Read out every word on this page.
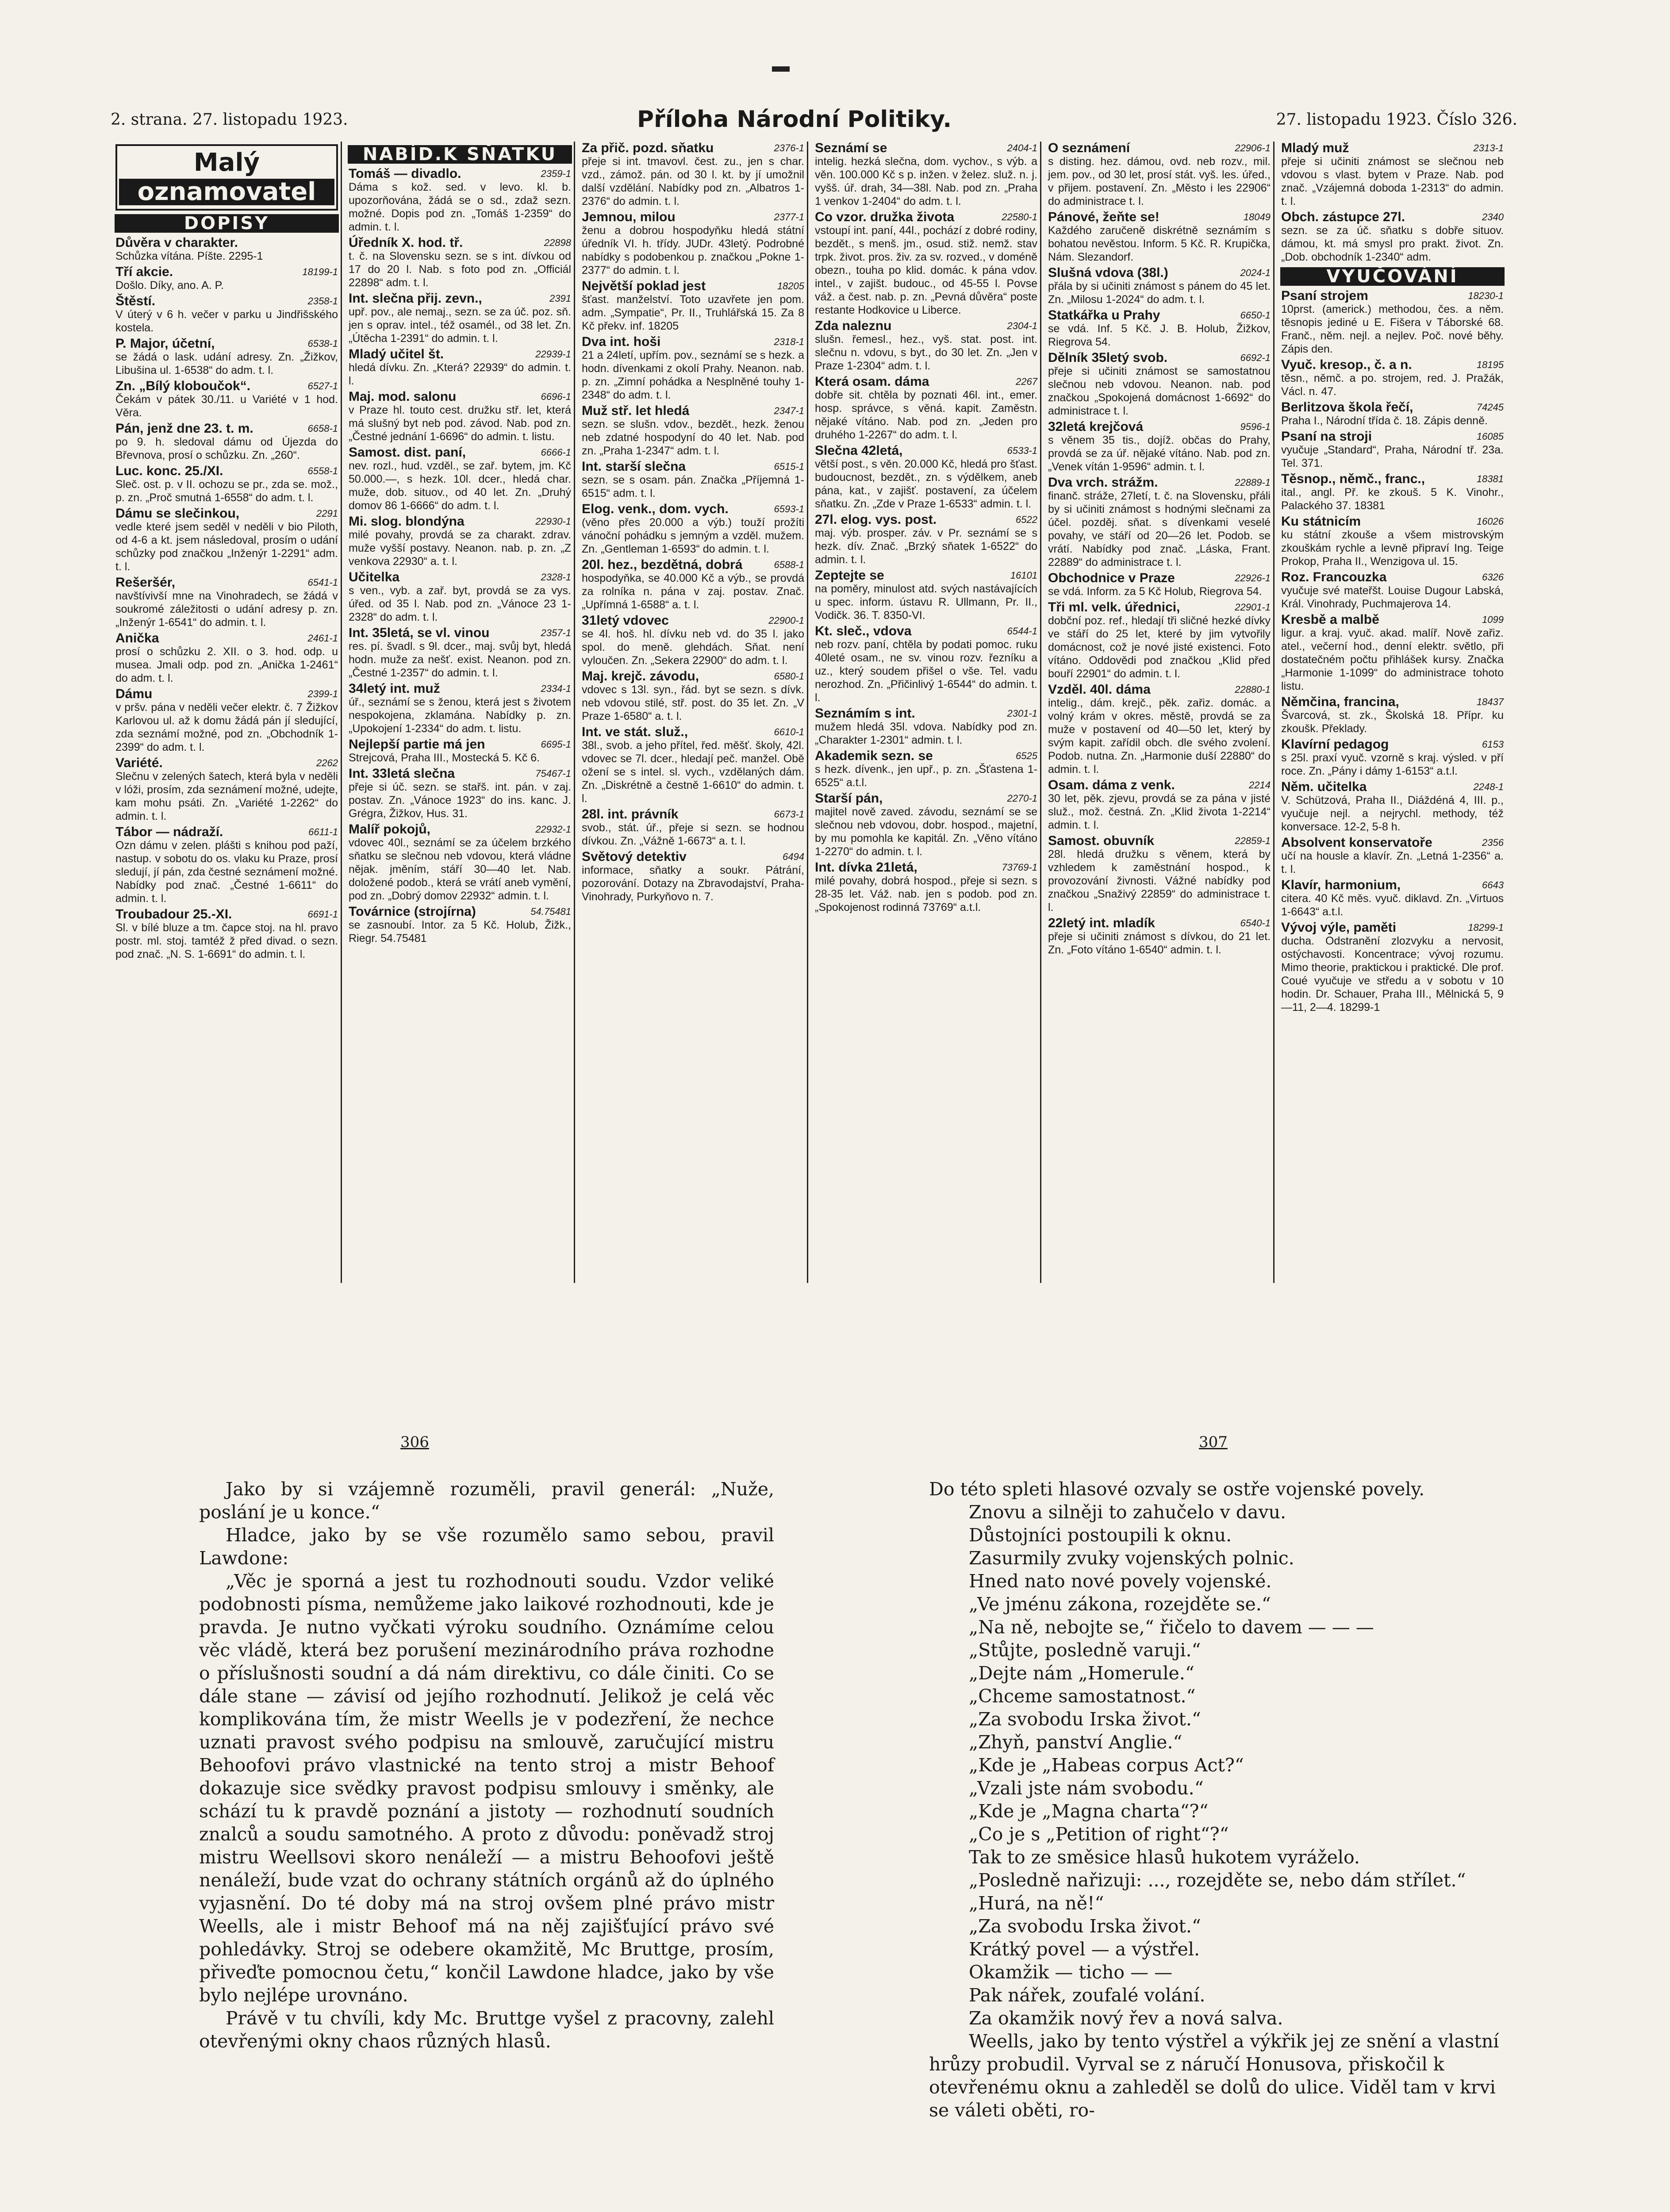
2. strana. 27. listopadu 1923.	Příloha Národní Politiky.	27. listopadu 1923. Číslo 326.
Malý
oznamovatel
DOPISY
Důvěra v charakter.
Schůzka vítána. Píšte. 2295-1
18199-1
Tří akcie.
Došlo. Díky, ano. A. P.
2358-1
Štěstí.
V úterý v 6 h. večer v parku u Jindřišského kostela.
6538-1
P. Major, účetní,
se žádá o lask. udání adresy. Zn. „Žižkov, Libušina ul. 1-6538“ do adm. t. l.
6527-1
Zn. „Bílý kloboučok“.
Čekám v pátek 30./11. u Variété v 1 hod. Věra.
6658-1
Pán, jenž dne 23. t. m.
po 9. h. sledoval dámu od Újezda do Břevnova, prosí o schůzku. Zn. „260“.
6558-1
Luc. konc. 25./XI.
Sleč. ost. p. v II. ochozu se pr., zda se. mož., p. zn. „Proč smutná 1-6558“ do adm. t. l.
2291
Dámu se slečinkou,
vedle které jsem seděl v neděli v bio Piloth, od 4-6 a kt. jsem následoval, prosím o udání schůzky pod značkou „Inženýr 1-2291“ adm. t. l.
6541-1
Rešeršér,
navštívivší mne na Vinohradech, se žádá v soukromé záležitosti o udání adresy p. zn. „Inženýr 1-6541“ do admin. t. l.
2461-1
Anička
prosí o schůzku 2. XII. o 3. hod. odp. u musea. Jmali odp. pod zn. „Anička 1-2461“ do adm. t. l.
2399-1
Dámu
v pršv. pána v neděli večer elektr. č. 7 Žižkov Karlovou ul. až k domu žádá pán jí sledující, zda seznámí možné, pod zn. „Obchodník 1-2399“ do adm. t. l.
2262
Variété.
Slečnu v zelených šatech, která byla v neděli v lóži, prosím, zda seznámení možné, udejte, kam mohu psáti. Zn. „Variété 1-2262“ do admin. t. l.
6611-1
Tábor — nádraží.
Ozn dámu v zelen. plášti s knihou pod paží, nastup. v sobotu do os. vlaku ku Praze, prosí sledují, jí pán, zda čestné seznámení možné. Nabídky pod znač. „Čestné 1-6611“ do admin. t. l.
6691-1
Troubadour 25.-XI.
Sl. v bílé bluze a tm. čapce stoj. na hl. pravo postr. ml. stoj. tamtéž ž před divad. o sezn. pod znač. „N. S. 1-6691“ do admin. t. l.
NABÍD.K SŇATKU
2359-1
Tomáš — divadlo.
Dáma s kož. sed. v levo. kl. b. upozorňována, žádá se o sd., zdaž sezn. možné. Dopis pod zn. „Tomáš 1-2359“ do admin. t. l.
22898
Úředník X. hod. tř.
t. č. na Slovensku sezn. se s int. dívkou od 17 do 20 l. Nab. s foto pod zn. „Officiál 22898“ adm. t. l.
2391
Int. slečna přij. zevn.,
upř. pov., ale nemaj., sezn. se za úč. poz. sň. jen s oprav. intel., též osamél., od 38 let. Zn. „Útěcha 1-2391“ do admin. t. l.
22939-1
Mladý učitel št.
hledá dívku. Zn. „Která? 22939“ do admin. t. l.
6696-1
Maj. mod. salonu
v Praze hl. touto cest. družku stř. let, která má slušný byt neb pod. závod. Nab. pod zn. „Čestné jednání 1-6696“ do admin. t. listu.
6666-1
Samost. dist. paní,
nev. rozl., hud. vzděl., se zař. bytem, jm. Kč 50.000.—, s hezk. 10l. dcer., hledá char. muže, dob. situov., od 40 let. Zn. „Druhý domov 86 1-6666“ do adm. t. l.
22930-1
Mi. slog. blondýna
milé povahy, provdá se za charakt. zdrav. muže vyšší postavy. Neanon. nab. p. zn. „Z venkova 22930“ a. t. l.
2328-1
Učitelka
s ven., vyb. a zař. byt, provdá se za vys. úřed. od 35 l. Nab. pod zn. „Vánoce 23 1-2328“ do adm. t. l.
2357-1
Int. 35letá, se vl. vinou
res. pí. švadl. s 9l. dcer., maj. svůj byt, hledá hodn. muže za nešť. exist. Neanon. pod zn. „Čestné 1-2357“ do admin. t. l.
2334-1
34letý int. muž
úř., seznámí se s ženou, která jest s životem nespokojena, zklamána. Nabídky p. zn. „Upokojení 1-2334“ do adm. t. listu.
6695-1
Nejlepší partie má jen
Strejcová, Praha III., Mostecká 5. Kč 6.
75467-1
Int. 33letá slečna
přeje si úč. sezn. se stařš. int. pán. v zaj. postav. Zn. „Vánoce 1923“ do ins. kanc. J. Grégra, Žižkov, Hus. 31.
22932-1
Malíř pokojů,
vdovec 40l., seznámí se za účelem brzkého sňatku se slečnou neb vdovou, která vládne nějak. jměním, stáří 30—40 let. Nab. doložené podob., která se vrátí aneb vymění, pod zn. „Dobrý domov 22932“ admin. t. l.
54.75481
Továrnice (strojírna)
se zasnoubí. Intor. za 5 Kč. Holub, Žižk., Riegr. 54.75481
2376-1
Za přič. pozd. sňatku
přeje si int. tmavovl. čest. zu., jen s char. vzd., zámož. pán. od 30 l. kt. by jí umožnil další vzdělání. Nabídky pod zn. „Albatros 1-2376“ do admin. t. l.
2377-1
Jemnou, milou
ženu a dobrou hospodyňku hledá státní úředník VI. h. třídy. JUDr. 43letý. Podrobné nabídky s podobenkou p. značkou „Pokne 1-2377“ do admin. t. l.
18205
Největší poklad jest
šťast. manželství. Toto uzavřete jen pom. adm. „Sympatie“, Pr. II., Truhlářská 15. Za 8 Kč překv. inf. 18205
2318-1
Dva int. hoši
21 a 24letí, upřím. pov., seznámí se s hezk. a hodn. dívenkami z okolí Prahy. Neanon. nab. p. zn. „Zimní pohádka a Nesplněné touhy 1-2348“ do adm. t. l.
2347-1
Muž stř. let hledá
sezn. se slušn. vdov., bezdět., hezk. ženou neb zdatné hospodyní do 40 let. Nab. pod zn. „Praha 1-2347“ adm. t. l.
6515-1
Int. starší slečna
sezn. se s osam. pán. Značka „Příjemná 1-6515“ adm. t. l.
6593-1
Elog. venk., dom. vych.
(věno přes 20.000 a výb.) touží prožíti vánoční pohádku s jemným a vzděl. mužem. Zn. „Gentleman 1-6593“ do admin. t. l.
6588-1
20l. hez., bezdětná, dobrá
hospodyňka, se 40.000 Kč a výb., se provdá za rolníka n. pána v zaj. postav. Znač. „Upřímná 1-6588“ a. t. l.
22900-1
31letý vdovec
se 4l. hoš. hl. dívku neb vd. do 35 l. jako spol. do meně. glehdách. Sňat. není vyloučen. Zn. „Sekera 22900“ do adm. t. l.
6580-1
Maj. krejč. závodu,
vdovec s 13l. syn., řád. byt se sezn. s dívk. neb vdovou stilé, stř. post. do 35 let. Zn. „V Praze 1-6580“ a. t. l.
6610-1
Int. ve stát. služ.,
38l., svob. a jeho přítel, řed. měšť. školy, 42l. vdovec se 7l. dcer., hledají peč. manžel. Obě ožení se s intel. sl. vych., vzdělaných dám. Zn. „Diskrétně a čestně 1-6610“ do admin. t. l.
6673-1
28l. int. právník
svob., stát. úř., přeje si sezn. se hodnou dívkou. Zn. „Vážně 1-6673“ a. t. l.
6494
Světový detektiv
informace, sňatky a soukr. Pátrání, pozorování. Dotazy na Zbravodajství, Praha-Vinohrady, Purkyňovo n. 7.
2404-1
Seznámí se
intelig. hezká slečna, dom. vychov., s výb. a věn. 100.000 Kč s p. inžen. v želez. služ. n. j. vyšš. úř. drah, 34—38l. Nab. pod zn. „Praha 1 venkov 1-2404“ do adm. t. l.
22580-1
Co vzor. družka života
vstoupí int. paní, 44l., pochází z dobré rodiny, bezdět., s menš. jm., osud. stiž. nemž. stav trpk. život. pros. živ. za sv. rozved., v doméně obezn., touha po klid. domác. k pána vdov. intel., v zajišt. budouc., od 45-55 l. Povse váž. a čest. nab. p. zn. „Pevná důvěra“ poste restante Hodkovice u Liberce.
2304-1
Zda naleznu
slušn. řemesl., hez., vyš. stat. post. int. slečnu n. vdovu, s byt., do 30 let. Zn. „Jen v Praze 1-2304“ adm. t. l.
2267
Která osam. dáma
dobře sit. chtěla by poznati 46l. int., emer. hosp. správce, s věná. kapit. Zaměstn. nějaké vítáno. Nab. pod zn. „Jeden pro druhého 1-2267“ do adm. t. l.
6533-1
Slečna 42letá,
větší post., s věn. 20.000 Kč, hledá pro šťast. budoucnost, bezdět., zn. s výdělkem, aneb pána, kat., v zajišť. postavení, za účelem sňatku. Zn. „Zde v Praze 1-6533“ admin. t. l.
6522
27l. elog. vys. post.
maj. výb. prosper. záv. v Pr. seznámí se s hezk. dív. Znač. „Brzký sňatek 1-6522“ do admin. t. l.
16101
Zeptejte se
na poměry, minulost atd. svých nastávajících u spec. inform. ústavu R. Ullmann, Pr. II., Vodičk. 36. T. 8350-VI.
6544-1
Kt. sleč., vdova
neb rozv. paní, chtěla by podati pomoc. ruku 40leté osam., ne sv. vinou rozv. řezníku a uz., který soudem přišel o vše. Tel. vadu nerozhod. Zn. „Přičinlivý 1-6544“ do admin. t. l.
2301-1
Seznámím s int.
mužem hledá 35l. vdova. Nabídky pod zn. „Charakter 1-2301“ admin. t. l.
6525
Akademik sezn. se
s hezk. dívenk., jen upř., p. zn. „Šťastena 1-6525“ a.t.l.
2270-1
Starší pán,
majitel nově zaved. závodu, seznámí se se slečnou neb vdovou, dobr. hospod., majetní, by mu pomohla ke kapitál. Zn. „Věno vítáno 1-2270“ do admin. t. l.
73769-1
Int. dívka 21letá,
milé povahy, dobrá hospod., přeje si sezn. s 28-35 let. Váž. nab. jen s podob. pod zn. „Spokojenost rodinná 73769“ a.t.l.
22906-1
O seznámení
s disting. hez. dámou, ovd. neb rozv., mil. jem. pov., od 30 let, prosí stát. vyš. les. úřed., v přijem. postavení. Zn. „Město i les 22906“ do administrace t. l.
18049
Pánové, žeňte se!
Každého zaručeně diskrétně seznámím s bohatou nevěstou. Inform. 5 Kč. R. Krupička, Nám. Slezandorf.
2024-1
Slušná vdova (38l.)
přála by si učiniti známost s pánem do 45 let. Zn. „Milosu 1-2024“ do adm. t. l.
6650-1
Statkářka u Prahy
se vdá. Inf. 5 Kč. J. B. Holub, Žižkov, Riegrova 54.
6692-1
Dělník 35letý svob.
přeje si učiniti známost se samostatnou slečnou neb vdovou. Neanon. nab. pod značkou „Spokojená domácnost 1-6692“ do administrace t. l.
9596-1
32letá krejčová
s věnem 35 tis., dojíž. občas do Prahy, provdá se za úř. nějaké vítáno. Nab. pod zn. „Venek vítán 1-9596“ admin. t. l.
22889-1
Dva vrch. strážm.
finanč. stráže, 27letí, t. č. na Slovensku, přáli by si učiniti známost s hodnými slečnami za účel. pozděj. sňat. s dívenkami veselé povahy, ve stáří od 20—26 let. Podob. se vrátí. Nabídky pod znač. „Láska, Frant. 22889“ do administrace t. l.
22926-1
Obchodnice v Praze
se vdá. Inform. za 5 Kč Holub, Riegrova 54.
22901-1
Tři ml. velk. úřednici,
dobční poz. ref., hledají tři sličné hezké dívky ve stáří do 25 let, které by jim vytvořily domácnost, což je nové jisté existenci. Foto vítáno. Oddovědi pod značkou „Klid před bouří 22901“ do admin. t. l.
22880-1
Vzděl. 40l. dáma
intelig., dám. krejč., pěk. zařiz. domác. a volný krám v okres. městě, provdá se za muže v postavení od 40—50 let, který by svým kapit. zařídil obch. dle svého zvolení. Podob. nutna. Zn. „Harmonie duší 22880“ do admin. t. l.
2214
Osam. dáma z venk.
30 let, pěk. zjevu, provdá se za pána v jisté služ., mož. čestná. Zn. „Klid života 1-2214“ admin. t. l.
22859-1
Samost. obuvník
28l. hledá družku s věnem, která by vzhledem k zaměstnání hospod., k provozování živnosti. Vážné nabídky pod značkou „Snaživý 22859“ do administrace t. l.
6540-1
22letý int. mladík
přeje si učiniti známost s dívkou, do 21 let. Zn. „Foto vítáno 1-6540“ admin. t. l.
2313-1
Mladý muž
přeje si učiniti známost se slečnou neb vdovou s vlast. bytem v Praze. Nab. pod znač. „Vzájemná doboda 1-2313“ do admin. t. l.
2340
Obch. zástupce 27l.
sezn. se za úč. sňatku s dobře situov. dámou, kt. má smysl pro prakt. život. Zn. „Dob. obchodník 1-2340“ adm.
VYUČOVÁNÍ
18230-1
Psaní strojem
10prst. (americk.) methodou, čes. a něm. těsnopis jediné u E. Fišera v Táborské 68. Franč., něm. nejl. a nejlev. Poč. nové běhy. Zápis den.
18195
Vyuč. kresop., č. a n.
těsn., němč. a po. strojem, red. J. Pražák, Václ. n. 47.
74245
Berlitzova škola řečí,
Praha I., Národní třída č. 18. Zápis denně.
16085
Psaní na stroji
vyučuje „Standard“, Praha, Národní tř. 23a. Tel. 371.
18381
Těsnop., němč., franc.,
ital., angl. Př. ke zkouš. 5 K. Vinohr., Palackého 37. 18381
16026
Ku státnicím
ku státní zkouše a všem mistrovským zkouškám rychle a levně připraví Ing. Teige Prokop, Praha II., Wenzigova ul. 15.
6326
Roz. Francouzka
vyučuje své mateřšt. Louise Dugour Labská, Král. Vinohrady, Puchmajerova 14.
1099
Kresbě a malbě
ligur. a kraj. vyuč. akad. malíř. Nově zařiz. atel., večerní hod., denní elektr. světlo, při dostatečném počtu přihlášek kursy. Značka „Harmonie 1-1099“ do administrace tohoto listu.
18437
Němčina, francina,
Švarcová, st. zk., Školská 18. Přípr. ku zkoušk. Překlady.
6153
Klavírní pedagog
s 25l. praxí vyuč. vzorně s kraj. výsled. v pří roce. Zn. „Pány i dámy 1-6153“ a.t.l.
2248-1
Něm. učitelka
V. Schützová, Praha II., Diáždéná 4, III. p., vyučuje nejl. a nejrychl. methody, též konversace. 12-2, 5-8 h.
2356
Absolvent konservatoře
učí na housle a klavír. Zn. „Letná 1-2356“ a. t. l.
6643
Klavír, harmonium,
citera. 40 Kč měs. vyuč. diklavd. Zn. „Virtuos 1-6643“ a.t.l.
18299-1
Vývoj výle, paměti
ducha. Odstranění zlozvyku a nervosit, ostýchavosti. Koncentrace; vývoj rozumu. Mimo theorie, praktickou i praktické. Dle prof. Coué vyučuje ve středu a v sobotu v 10 hodin. Dr. Schauer, Praha III., Mělnická 5, 9—11, 2—4. 18299-1
306	307

Jako by si vzájemně rozuměli, pravil generál: „Nuže, poslání je u konce.“

Hladce, jako by se vše rozumělo samo sebou, pravil Lawdone:

„Věc je sporná a jest tu rozhodnouti soudu. Vzdor veliké podobnosti písma, nemůžeme jako laikové rozhodnouti, kde je pravda. Je nutno vyčkati výroku soudního. Oznámíme celou věc vládě, která bez porušení mezinárodního práva rozhodne o příslušnosti soudní a dá nám direktivu, co dále činiti. Co se dále stane — závisí od jejího rozhodnutí. Jelikož je celá věc komplikována tím, že mistr Weells je v podezření, že nechce uznati pravost svého podpisu na smlouvě, zaručující mistru Behoofovi právo vlastnické na tento stroj a mistr Behoof dokazuje sice svědky pravost podpisu smlouvy i směnky, ale schází tu k pravdě poznání a jistoty — rozhodnutí soudních znalců a soudu samotného. A proto z důvodu: poněvadž stroj mistru Weellsovi skoro nenáleží — a mistru Behoofovi ještě nenáleží, bude vzat do ochrany státních orgánů až do úplného vyjasnění. Do té doby má na stroj ovšem plné právo mistr Weells, ale i mistr Behoof má na něj zajišťující právo své pohledávky. Stroj se odebere okamžitě, Mc Bruttge, prosím, přiveďte pomocnou četu,“ končil Lawdone hladce, jako by vše bylo nejlépe urovnáno.

Právě v tu chvíli, kdy Mc. Bruttge vyšel z pracovny, zalehl otevřenými okny chaos různých hlasů.

Do této spleti hlasové ozvaly se ostře vojenské povely.

Znovu a silněji to zahučelo v davu.

Důstojníci postoupili k oknu.

Zasurmily zvuky vojenských polnic.

Hned nato nové povely vojenské.

„Ve jménu zákona, rozejděte se.“

„Na ně, nebojte se,“ řičelo to davem — — —

„Stůjte, posledně varuji.“

„Dejte nám „Homerule.“

„Chceme samostatnost.“

„Za svobodu Irska život.“

„Zhyň, panství Anglie.“

„Kde je „Habeas corpus Act?“

„Vzali jste nám svobodu.“

„Kde je „Magna charta“?“

„Co je s „Petition of right“?“

Tak to ze směsice hlasů hukotem vyráželo.

„Posledně nařizuji: ..., rozejděte se, nebo dám střílet.“

„Hurá, na ně!“

„Za svobodu Irska život.“

Krátký povel — a výstřel.

Okamžik — ticho — —

Pak nářek, zoufalé volání.

Za okamžik nový řev a nová salva.

Weells, jako by tento výstřel a výkřik jej ze snění a vlastní hrůzy probudil. Vyrval se z náručí Honusova, přiskočil k otevřenému oknu a zahleděl se dolů do ulice. Viděl tam v krvi se váleti oběti, ro-
